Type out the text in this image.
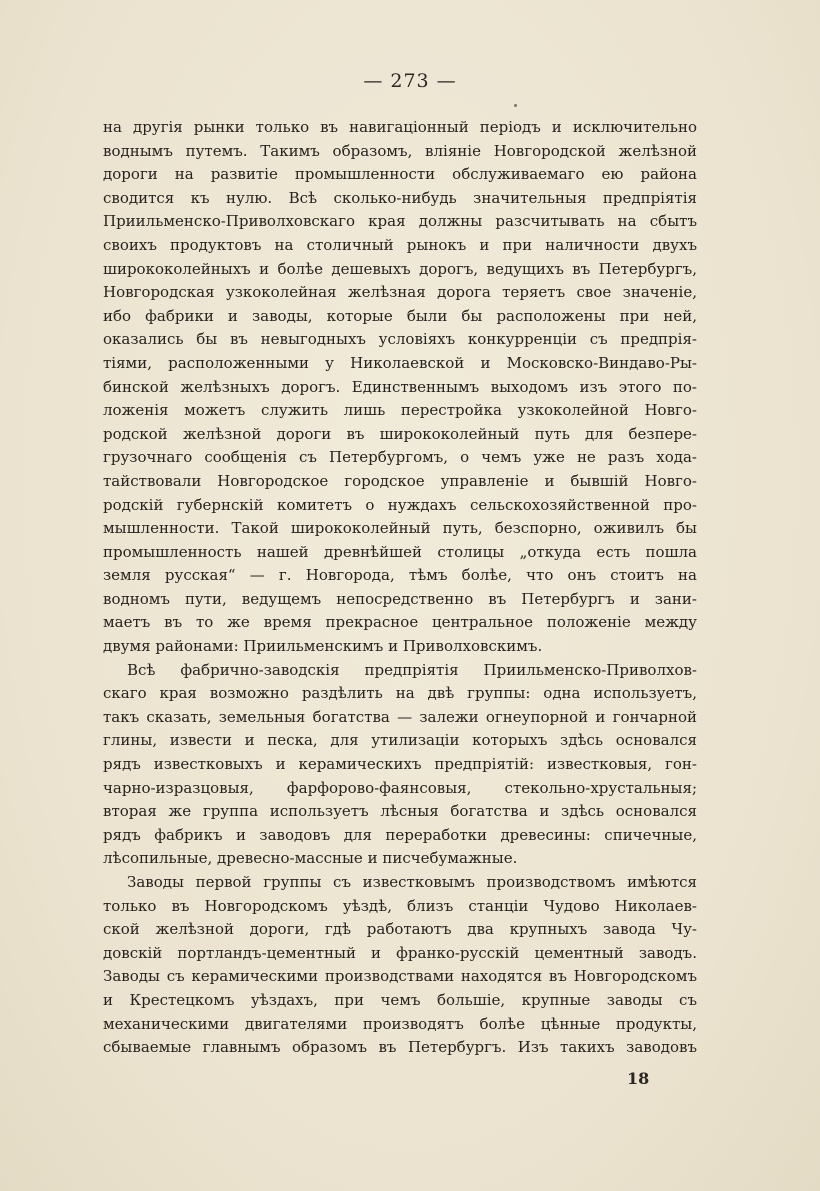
— 273 —
на другія рынки только въ навигаціонный періодъ и исключительно
воднымъ путемъ. Такимъ образомъ, вліяніе Новгородской желѣзной
дороги на развитіе промышленности обслуживаемаго ею района
сводится къ нулю. Всѣ сколько-нибудь значительныя предпріятія
Приильменско-Приволховскаго края должны разсчитывать на сбытъ
своихъ продуктовъ на столичный рынокъ и при наличности двухъ
ширококолейныхъ и болѣе дешевыхъ дорогъ, ведущихъ въ Петербургъ,
Новгородская узкоколейная желѣзная дорога теряетъ свое значеніе,
ибо фабрики и заводы, которые были бы расположены при ней,
оказались бы въ невыгодныхъ условіяхъ конкурренціи съ предпрія-
тіями, расположенными у Николаевской и Московско-Виндаво-Ры-
бинской желѣзныхъ дорогъ. Единственнымъ выходомъ изъ этого по-
ложенія можетъ служить лишь перестройка узкоколейной Новго-
родской желѣзной дороги въ ширококолейный путь для безпере-
грузочнаго сообщенія съ Петербургомъ, о чемъ уже не разъ хода-
тайствовали Новгородское городское управленіе и бывшій Новго-
родскій губернскій комитетъ о нуждахъ сельскохозяйственной про-
мышленности. Такой ширококолейный путь, безспорно, оживилъ бы
промышленность нашей древнѣйшей столицы „откуда есть пошла
земля русская“ — г. Новгорода, тѣмъ болѣе, что онъ стоитъ на
водномъ пути, ведущемъ непосредственно въ Петербургъ и зани-
маетъ въ то же время прекрасное центральное положеніе между
двумя районами: Приильменскимъ и Приволховскимъ.
Всѣ фабрично-заводскія предпріятія Приильменско-Приволхов-
скаго края возможно раздѣлить на двѣ группы: одна используетъ,
такъ сказать, земельныя богатства — залежи огнеупорной и гончарной
глины, извести и песка, для утилизаціи которыхъ здѣсь основался
рядъ известковыхъ и керамическихъ предпріятій: известковыя, гон-
чарно-изразцовыя, фарфорово-фаянсовыя, стекольно-хрустальныя;
вторая же группа используетъ лѣсныя богатства и здѣсь основался
рядъ фабрикъ и заводовъ для переработки древесины: спичечные,
лѣсопильные, древесно-массные и писчебумажные.
Заводы первой группы съ известковымъ производствомъ имѣются
только въ Новгородскомъ уѣздѣ, близъ станціи Чудово Николаев-
ской желѣзной дороги, гдѣ работаютъ два крупныхъ завода Чу-
довскій портландъ-цементный и франко-русскій цементный заводъ.
Заводы съ керамическими производствами находятся въ Новгородскомъ
и Крестецкомъ уѣздахъ, при чемъ большіе, крупные заводы съ
механическими двигателями производятъ болѣе цѣнные продукты,
сбываемые главнымъ образомъ въ Петербургъ. Изъ такихъ заводовъ
18
